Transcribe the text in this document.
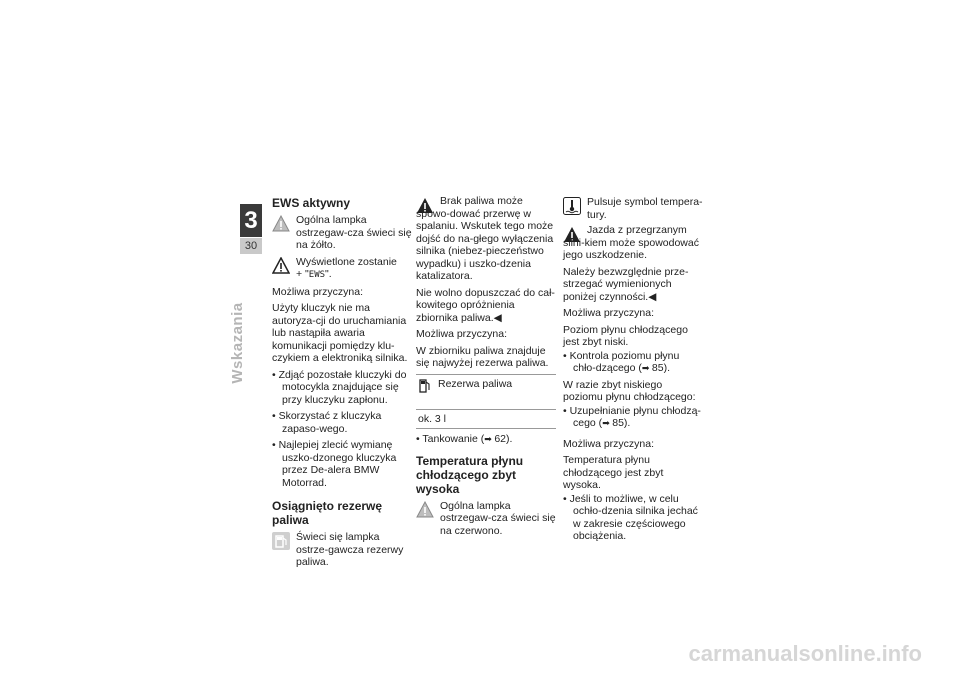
3
30
Wskazania
EWS aktywny
Ogólna lampka ostrzegaw-cza świeci się na żółto.
Wyświetlone zostanie
+ "EWS".

Możliwa przyczyna:

Użyty kluczyk nie ma autoryza-cji do uruchamiania lub nastąpiła awaria komunikacji pomiędzy klu-czykiem a elektroniką silnika.

• Zdjąć pozostałe kluczyki do motocykla znajdujące się przy kluczyku zapłonu.

• Skorzystać z kluczyka zapaso-wego.

• Najlepiej zlecić wymianę uszko-dzonego kluczyka przez De-alera BMW Motorrad.

Osiągnięto rezerwę paliwa
Świeci się lampka ostrze-gawcza rezerwy paliwa.

Brak paliwa może spowo-dować przerwę w spalaniu. Wskutek tego może dojść do na-głego wyłączenia silnika (niebez-pieczeństwo wypadku) i uszko-dzenia katalizatora.

Nie wolno dopuszczać do cał-kowitego opróżnienia zbiornika paliwa.◀

Możliwa przyczyna:

W zbiorniku paliwa znajduje się najwyżej rezerwa paliwa.

Rezerwa paliwa

ok. 3 l

• Tankowanie (➡ 62).

Temperatura płynu chłodzącego zbyt wysoka
Ogólna lampka ostrzegaw-cza świeci się na czerwono.
Pulsuje symbol tempera-tury.

Jazda z przegrzanym silni-kiem może spowodować jego uszkodzenie.

Należy bezwzględnie prze-strzegać wymienionych poniżej czynności.◀

Możliwa przyczyna:

Poziom płynu chłodzącego jest zbyt niski.

• Kontrola poziomu płynu chło-dzącego (➡ 85).

W razie zbyt niskiego poziomu płynu chłodzącego:

• Uzupełnianie płynu chłodzą-cego (➡ 85).

Możliwa przyczyna:

Temperatura płynu chłodzącego jest zbyt wysoka.

• Jeśli to możliwe, w celu ochło-dzenia silnika jechać w zakresie częściowego obciążenia.

carmanualsonline.info
